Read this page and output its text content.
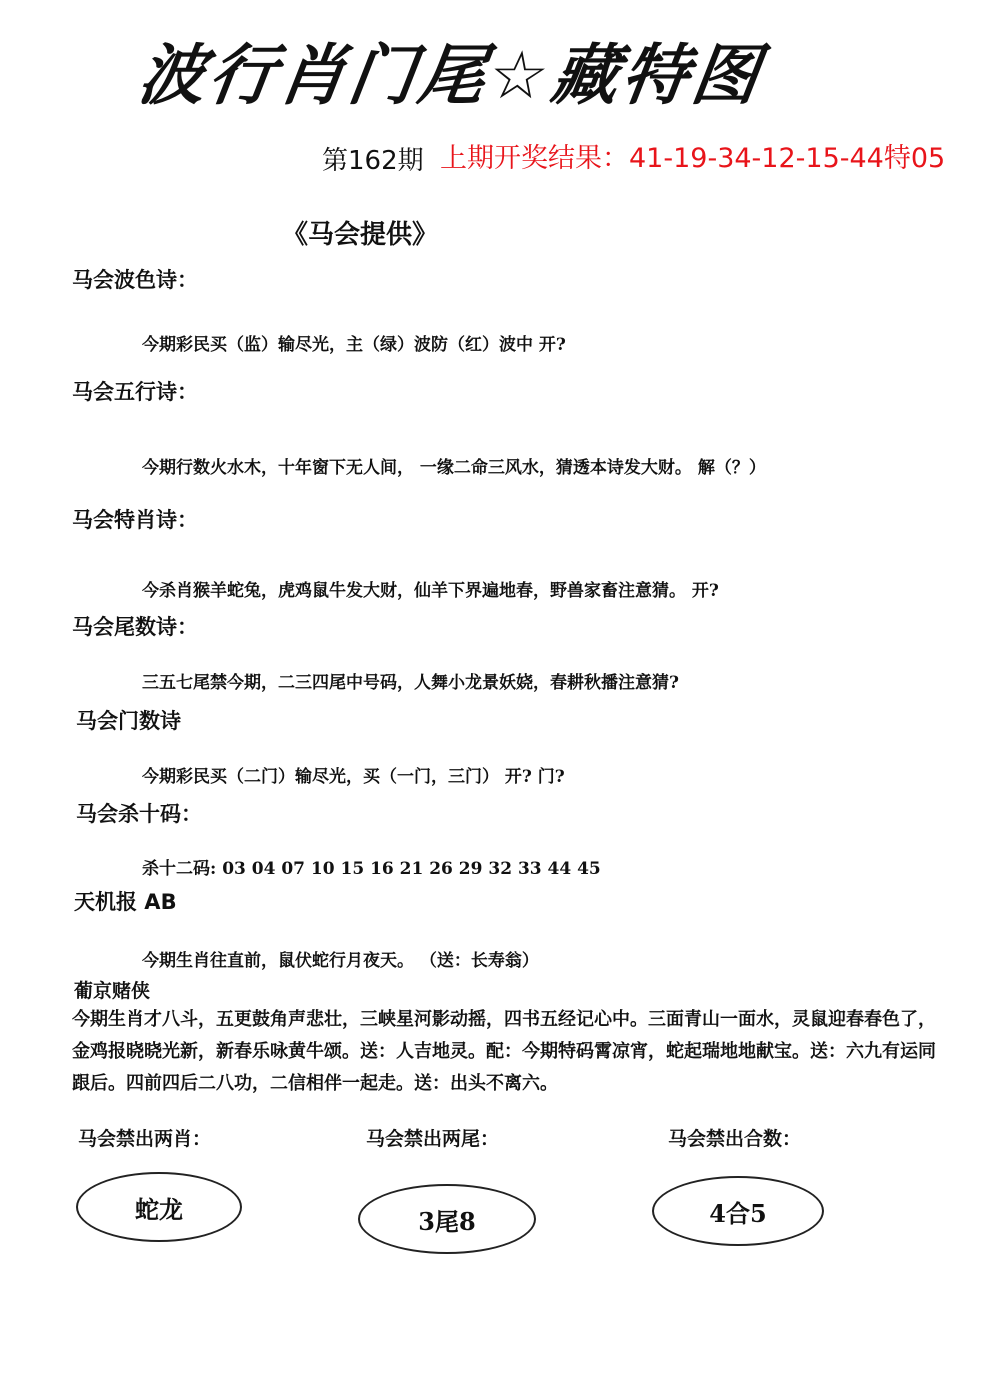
波行肖门尾☆藏特图
第162期 上期开奖结果：41-19-34-12-15-44特05
《马会提供》
马会波色诗：
今期彩民买（监）输尽光，主（绿）波防（红）波中 开?
马会五行诗：
今期行数火水木，十年窗下无人间， 一缘二命三风水，猜透本诗发大财。 解（？）
马会特肖诗：
今杀肖猴羊蛇兔，虎鸡鼠牛发大财，仙羊下界遍地春，野兽家畜注意猜。 开?
马会尾数诗：
三五七尾禁今期，二三四尾中号码，人舞小龙景妖娆，春耕秋播注意猜?
马会门数诗
今期彩民买（二门）输尽光，买（一门，三门） 开? 门?
马会杀十码：
杀十二码: 03 04 07 10 15 16 21 26 29 32 33 44 45
天机报 AB
今期生肖往直前，鼠伏蛇行月夜天。 （送：长寿翁）
葡京赌侠
今期生肖才八斗，五更鼓角声悲壮，三峡星河影动摇，四书五经记心中。三面青山一面水，灵鼠迎春春色了，金鸡报晓晓光新，新春乐咏黄牛颂。送：人吉地灵。配：今期特码霄凉宵，蛇起瑞地地献宝。送：六九有运同跟后。四前四后二八功，二信相伴一起走。送：出头不离六。
马会禁出两肖：	马会禁出两尾：	马会禁出合数：
蛇龙	3尾8	4合5
